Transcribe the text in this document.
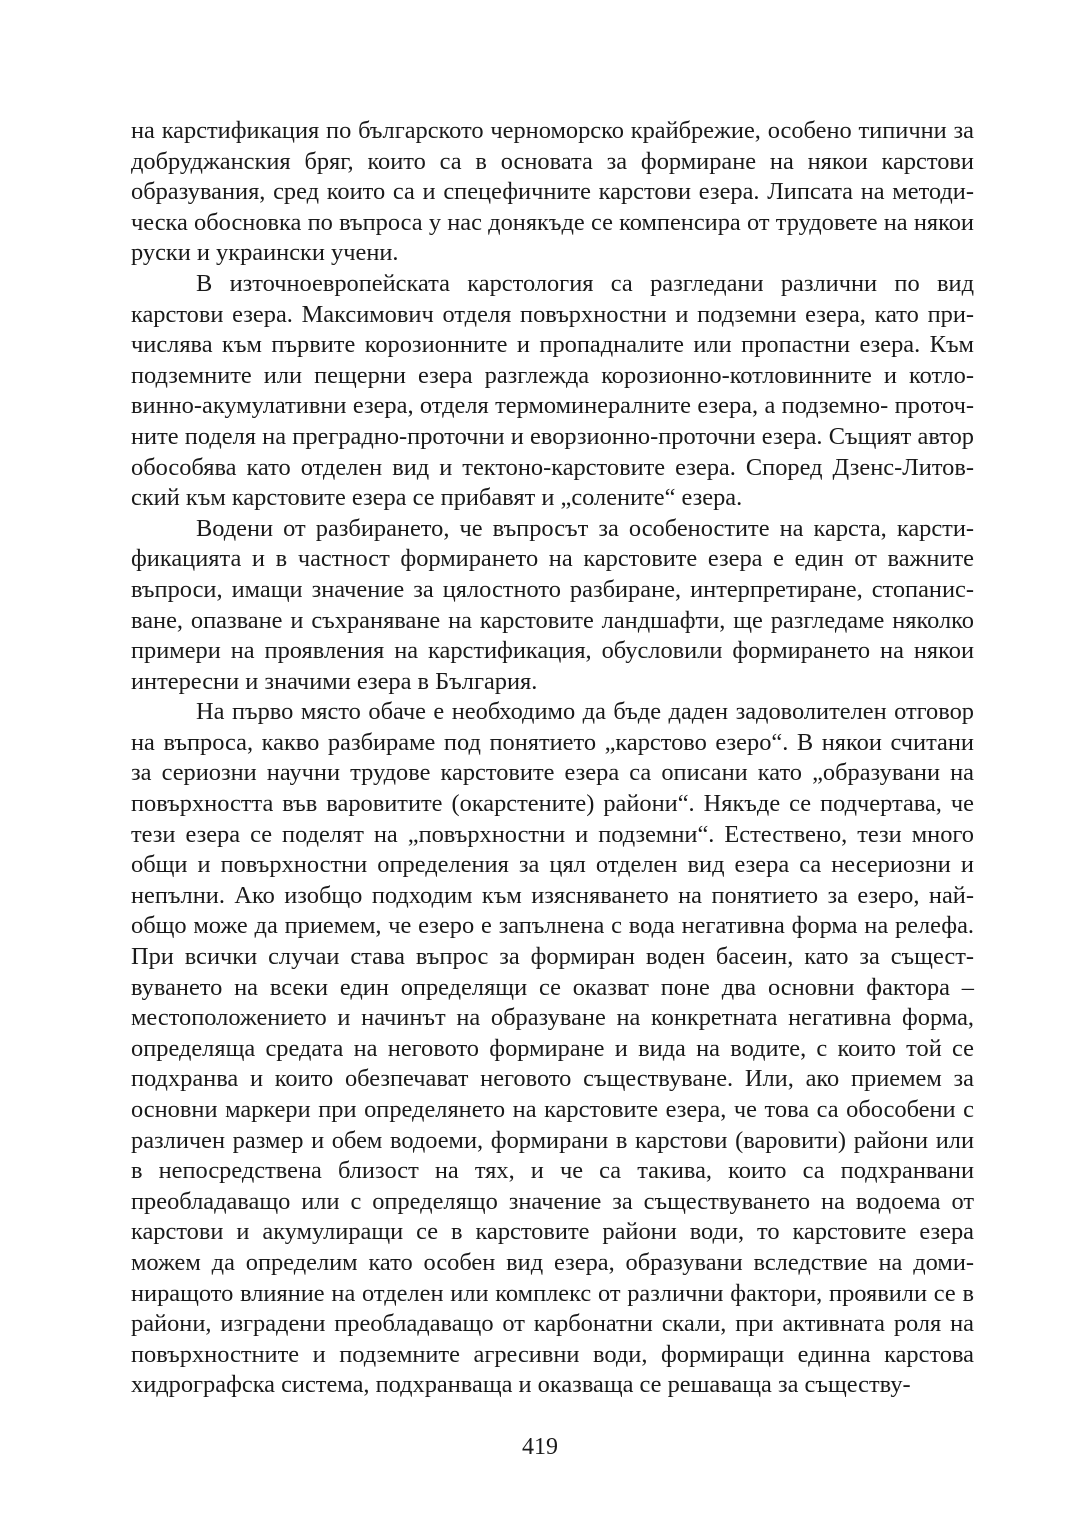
на карстификация по българското черноморско крайбрежие, особено типични за добруджанския бряг, които са в основата за формиране на някои карстови образувания, сред които са и спецефичните карстови езера. Липсата на методическа обосновка по въпроса у нас донякъде се компенсира от трудовете на някои руски и украински учени.

В източноевропейската карстология са разгледани различни по вид карстови езера. Максимович отделя повърхностни и подземни езера, като причислява към първите корозионните и пропадналите или пропастни езера. Към подземните или пещерни езера разглежда корозионно-котловинните и котловинно-акумулативни езера, отделя термоминералните езера, а подземно- проточните поделя на преградно-проточни и еворзионно-проточни езера. Същият автор обособява като отделен вид и тектоно-карстовите езера. Според Дзенс-Литовский към карстовите езера се прибавят и „солените“ езера.

Водени от разбирането, че въпросът за особеностите на карста, карстификацията и в частност формирането на карстовите езера е един от важните въпроси, имащи значение за цялостното разбиране, интерпретиране, стопанисване, опазване и съхраняване на карстовите ландшафти, ще разгледаме няколко примери на проявления на карстификация, обусловили формирането на някои интересни и значими езера в България.

На първо място обаче е необходимо да бъде даден задоволителен отговор на въпроса, какво разбираме под понятието „карстово езеро“. В някои считани за сериозни научни трудове карстовите езера са описани като „образувани на повърхността във варовитите (окарстените) райони“. Някъде се подчертава, че тези езера се поделят на „повърхностни и подземни“. Естествено, тези много общи и повърхностни определения за цял отделен вид езера са несериозни и непълни. Ако изобщо подходим към изясняването на понятието за езеро, най-общо може да приемем, че езеро е запълнена с вода негативна форма на релефа. При всички случаи става въпрос за формиран воден басеин, като за съществуването на всеки един определящи се оказват поне два основни фактора – местоположението и начинът на образуване на конкретната негативна форма, определяща средата на неговото формиране и вида на водите, с които той се подхранва и които обезпечават неговото съществуване. Или, ако приемем за основни маркери при определянето на карстовите езера, че това са обособени с различен размер и обем водоеми, формирани в карстови (варовити) райони или в непосредствена близост на тях, и че са такива, които са подхранвани преобладаващо или с определящо значение за съществуването на водоема от карстови и акумулиращи се в карстовите райони води, то карстовите езера можем да определим като особен вид езера, образувани вследствие на доминиращото влияние на отделен или комплекс от различни фактори, проявили се в райони, изградени преобладаващо от карбонатни скали, при активната роля на повърхностните и подземните агресивни води, формиращи единна карстова хидрографска система, подхранваща и оказваща се решаваща за съществу-

419
